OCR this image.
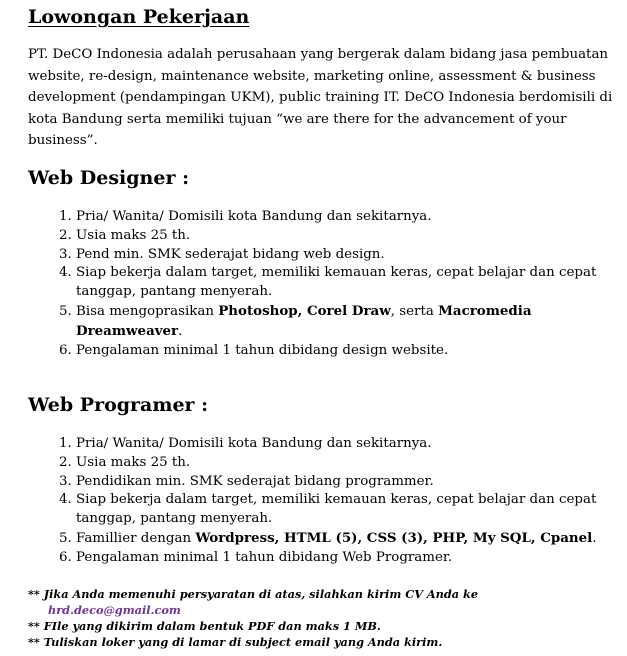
Lowongan Pekerjaan

PT. DeCO Indonesia adalah perusahaan yang bergerak dalam bidang jasa pembuatan website, re-design, maintenance website, marketing online, assessment & business development (pendampingan UKM), public training IT. DeCO Indonesia berdomisili di kota Bandung serta memiliki tujuan “we are there for the advancement of your business”.

Web Designer :
1. Pria/ Wanita/ Domisili kota Bandung dan sekitarnya.
2. Usia maks 25 th.
3. Pend min. SMK sederajat bidang web design.
4. Siap bekerja dalam target, memiliki kemauan keras, cepat belajar dan cepat tanggap, pantang menyerah.
5. Bisa mengoprasikan Photoshop, Corel Draw, serta Macromedia Dreamweaver.
6. Pengalaman minimal 1 tahun dibidang design website.
Web Programer :
1. Pria/ Wanita/ Domisili kota Bandung dan sekitarnya.
2. Usia maks 25 th.
3. Pendidikan min. SMK sederajat bidang programmer.
4. Siap bekerja dalam target, memiliki kemauan keras, cepat belajar dan cepat tanggap, pantang menyerah.
5. Famillier dengan Wordpress, HTML (5), CSS (3), PHP, My SQL, Cpanel.
6. Pengalaman minimal 1 tahun dibidang Web Programer.
** Jika Anda memenuhi persyaratan di atas, silahkan kirim CV Anda ke
hrd.deco@gmail.com
** FIle yang dikirim dalam bentuk PDF dan maks 1 MB.
** Tuliskan loker yang di lamar di subject email yang Anda kirim.
